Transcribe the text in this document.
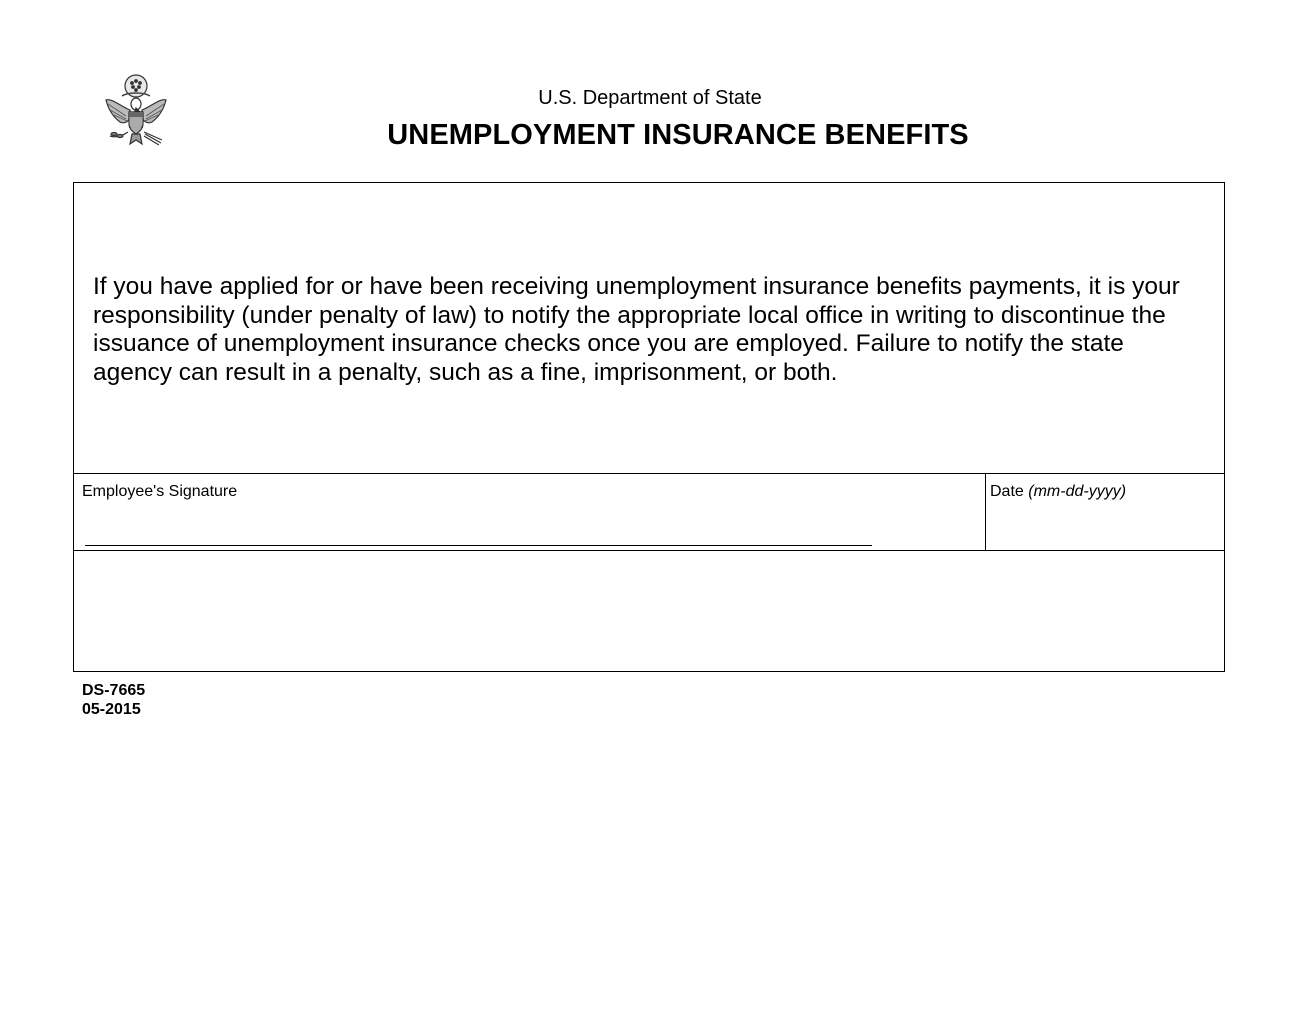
U.S. Department of State
UNEMPLOYMENT INSURANCE BENEFITS

If you have applied for or have been receiving unemployment insurance benefits payments, it is your responsibility (under penalty of law) to notify the appropriate local office in writing to discontinue the issuance of unemployment insurance checks once you are employed. Failure to notify the state agency can result in a penalty, such as a fine, imprisonment, or both.

Employee's Signature	Date (mm-dd-yyyy)
DS-7665
05-2015
